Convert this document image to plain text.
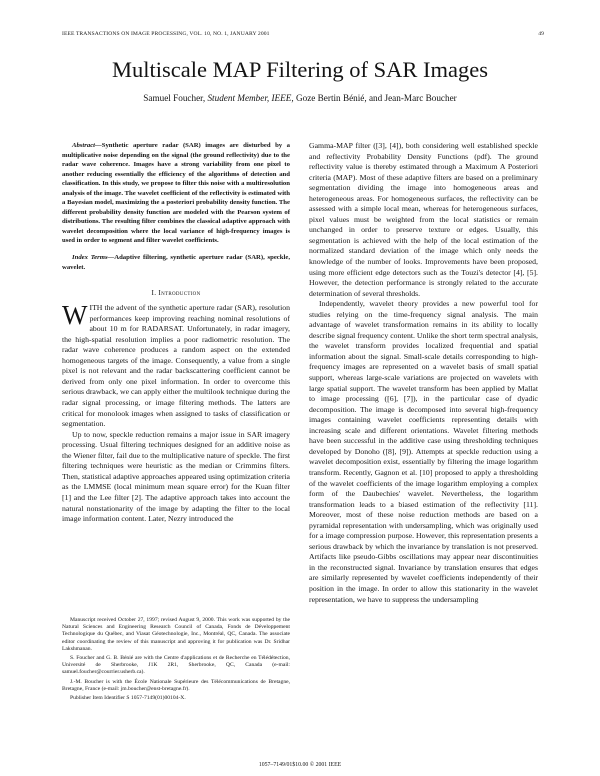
IEEE TRANSACTIONS ON IMAGE PROCESSING, VOL. 10, NO. 1, JANUARY 2001	49
Multiscale MAP Filtering of SAR Images
Samuel Foucher, Student Member, IEEE, Goze Bertin Bénié, and Jean-Marc Boucher

Abstract—Synthetic aperture radar (SAR) images are disturbed by a multiplicative noise depending on the signal (the ground reflectivity) due to the radar wave coherence. Images have a strong variability from one pixel to another reducing essentially the efficiency of the algorithms of detection and classification. In this study, we propose to filter this noise with a multiresolution analysis of the image. The wavelet coefficient of the reflectivity is estimated with a Bayesian model, maximizing the a posteriori probability density function. The different probability density function are modeled with the Pearson system of distributions. The resulting filter combines the classical adaptive approach with wavelet decomposition where the local variance of high-frequency images is used in order to segment and filter wavelet coefficients.

Index Terms—Adaptive filtering, synthetic aperture radar (SAR), speckle, wavelet.

I. Introduction

WITH the advent of the synthetic aperture radar (SAR), resolution performances keep improving reaching nominal resolutions of about 10 m for RADARSAT. Unfortunately, in radar imagery, the high-spatial resolution implies a poor radiometric resolution. The radar wave coherence produces a random aspect on the extended homogeneous targets of the image. Consequently, a value from a single pixel is not relevant and the radar backscattering coefficient cannot be derived from only one pixel information. In order to overcome this serious drawback, we can apply either the multilook technique during the radar signal processing, or image filtering methods. The latters are critical for monolook images when assigned to tasks of classification or segmentation.

Up to now, speckle reduction remains a major issue in SAR imagery processing. Usual filtering techniques designed for an additive noise as the Wiener filter, fail due to the multiplicative nature of speckle. The first filtering techniques were heuristic as the median or Crimmins filters. Then, statistical adaptive approaches appeared using optimization criteria as the LMMSE (local minimum mean square error) for the Kuan filter [1] and the Lee filter [2]. The adaptive approach takes into account the natural nonstationarity of the image by adapting the filter to the local image information content. Later, Nezry introduced the

Manuscript received October 27, 1997; revised August 9, 2000. This work was supported by the Natural Sciences and Engineering Research Council of Canada, Fonds de Développement Technologique du Québec, and Viasat Géotechnologie, Inc., Montréal, QC, Canada. The associate editor coordinating the review of this manuscript and approving it for publication was Dr. Sridhar Lakshmanan.

S. Foucher and G. B. Bénié are with the Centre d'applications et de Recherche en Télédétection, Université de Sherbrooke, J1K 2R1, Sherbrooke, QC, Canada (e-mail: samuel.foucher@courrier.usherb.ca).

J.-M. Boucher is with the École Nationale Supérieure des Télécommunications de Bretagne, Bretagne, France (e-mail: jm.boucher@enst-bretagne.fr).

Publisher Item Identifier S 1057-7149(01)00104-X.

Gamma-MAP filter ([3], [4]), both considering well established speckle and reflectivity Probability Density Functions (pdf). The ground reflectivity value is thereby estimated through a Maximum A Posteriori criteria (MAP). Most of these adaptive filters are based on a preliminary segmentation dividing the image into homogeneous areas and heterogeneous areas. For homogeneous surfaces, the reflectivity can be assessed with a simple local mean, whereas for heterogeneous surfaces, pixel values must be weighted from the local statistics or remain unchanged in order to preserve texture or edges. Usually, this segmentation is achieved with the help of the local estimation of the normalized standard deviation of the image which only needs the knowledge of the number of looks. Improvements have been proposed, using more efficient edge detectors such as the Touzi's detector [4], [5]. However, the detection performance is strongly related to the accurate determination of several thresholds.

Independently, wavelet theory provides a new powerful tool for studies relying on the time-frequency signal analysis. The main advantage of wavelet transformation remains in its ability to locally describe signal frequency content. Unlike the short term spectral analysis, the wavelet transform provides localized frequential and spatial information about the signal. Small-scale details corresponding to high-frequency images are represented on a wavelet basis of small spatial support, whereas large-scale variations are projected on wavelets with large spatial support. The wavelet transform has been applied by Mallat to image processing ([6], [7]), in the particular case of dyadic decomposition. The image is decomposed into several high-frequency images containing wavelet coefficients representing details with increasing scale and different orientations. Wavelet filtering methods have been successful in the additive case using thresholding techniques developed by Donoho ([8], [9]). Attempts at speckle reduction using a wavelet decomposition exist, essentially by filtering the image logarithm transform. Recently, Gagnon et al. [10] proposed to apply a thresholding of the wavelet coefficients of the image logarithm employing a complex form of the Daubechies' wavelet. Nevertheless, the logarithm transformation leads to a biased estimation of the reflectivity [11]. Moreover, most of these noise reduction methods are based on a pyramidal representation with undersampling, which was originally used for a image compression purpose. However, this representation presents a serious drawback by which the invariance by translation is not preserved. Artifacts like pseudo-Gibbs oscillations may appear near discontinuities in the reconstructed signal. Invariance by translation ensures that edges are similarly represented by wavelet coefficients independently of their position in the image. In order to allow this stationarity in the wavelet representation, we have to suppress the undersampling

1057–7149/01$10.00 © 2001 IEEE
